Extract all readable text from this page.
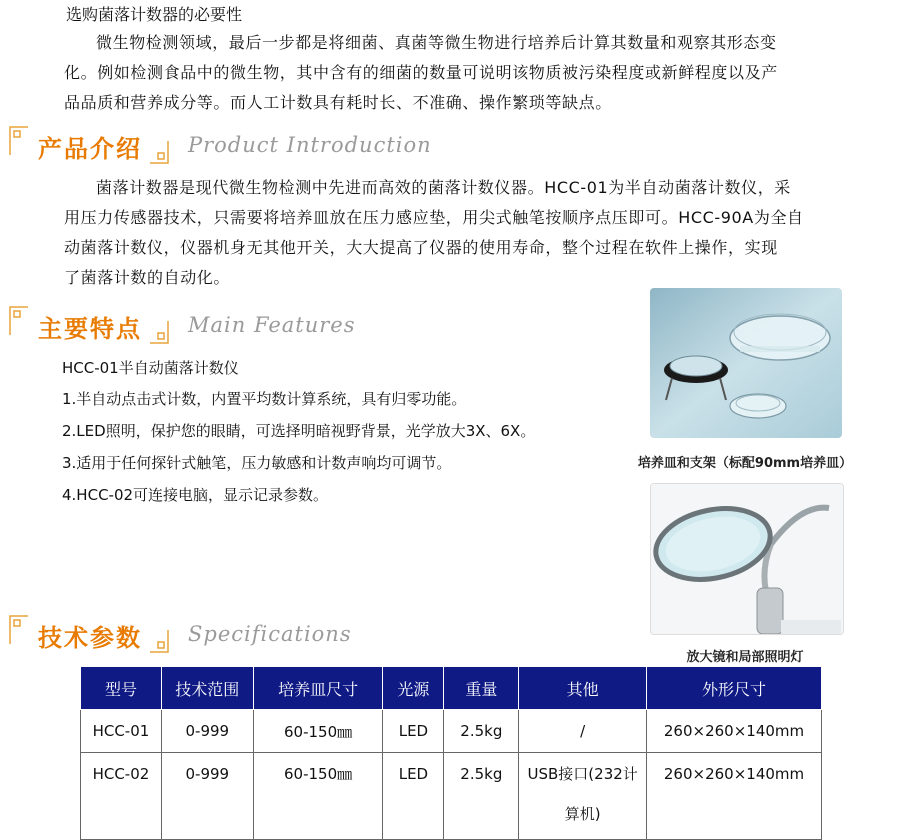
选购菌落计数器的必要性

微生物检测领域，最后一步都是将细菌、真菌等微生物进行培养后计算其数量和观察其形态变

化。例如检测食品中的微生物，其中含有的细菌的数量可说明该物质被污染程度或新鲜程度以及产

品品质和营养成分等。而人工计数具有耗时长、不准确、操作繁琐等缺点。

产品介绍 Product Introduction

菌落计数器是现代微生物检测中先进而高效的菌落计数仪器。HCC-01为半自动菌落计数仪，采

用压力传感器技术，只需要将培养皿放在压力感应垫，用尖式触笔按顺序点压即可。HCC-90A为全自

动菌落计数仪，仪器机身无其他开关，大大提高了仪器的使用寿命，整个过程在软件上操作，实现

了菌落计数的自动化。

主要特点 Main Features
HCC-01半自动菌落计数仪
1.半自动点击式计数，内置平均数计算系统，具有归零功能。
2.LED照明，保护您的眼睛，可选择明暗视野背景，光学放大3X、6X。
3.适用于任何探针式触笔，压力敏感和计数声响均可调节。
4.HCC-02可连接电脑，显示记录参数。
培养皿和支架（标配90mm培养皿）
放大镜和局部照明灯
技术参数 Specifications
型号	技术范围	培养皿尺寸	光源	重量	其他	外形尺寸
HCC-01	0-999	60-150㎜	LED	2.5kg	/	260×260×140mm
HCC-02	0-999	60-150㎜	LED	2.5kg	USB接口(232计算机)	260×260×140mm
